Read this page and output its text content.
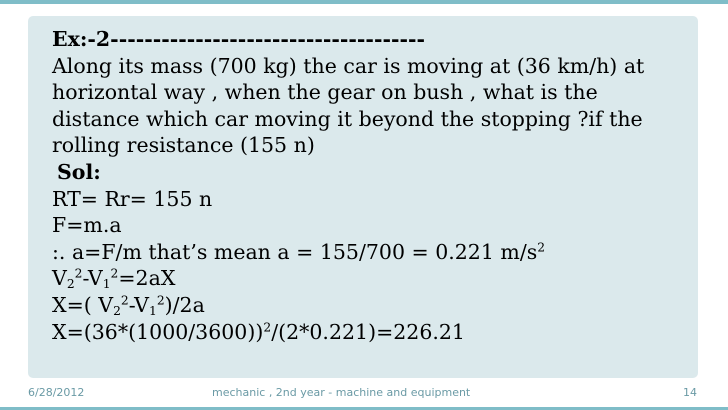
Ex:-2-------------------------------------
Along its mass (700 kg) the car is moving at (36 km/h) at
horizontal way , when the gear on bush , what is the
distance which car moving it beyond the stopping ?if the
rolling resistance (155 n)
Sol:
RT= Rr= 155 n
F=m.a
:. a=F/m that’s mean a = 155/700 = 0.221 $m/s^2$
$V_2^2-V_1^2=2aX$
X=( $V_2^2-V_1^2)/2a$
$X=(36*(1000/3600))^2/(2*0.221)=226.21$
6/28/2012	mechanic , 2nd year - machine and equipment	14
